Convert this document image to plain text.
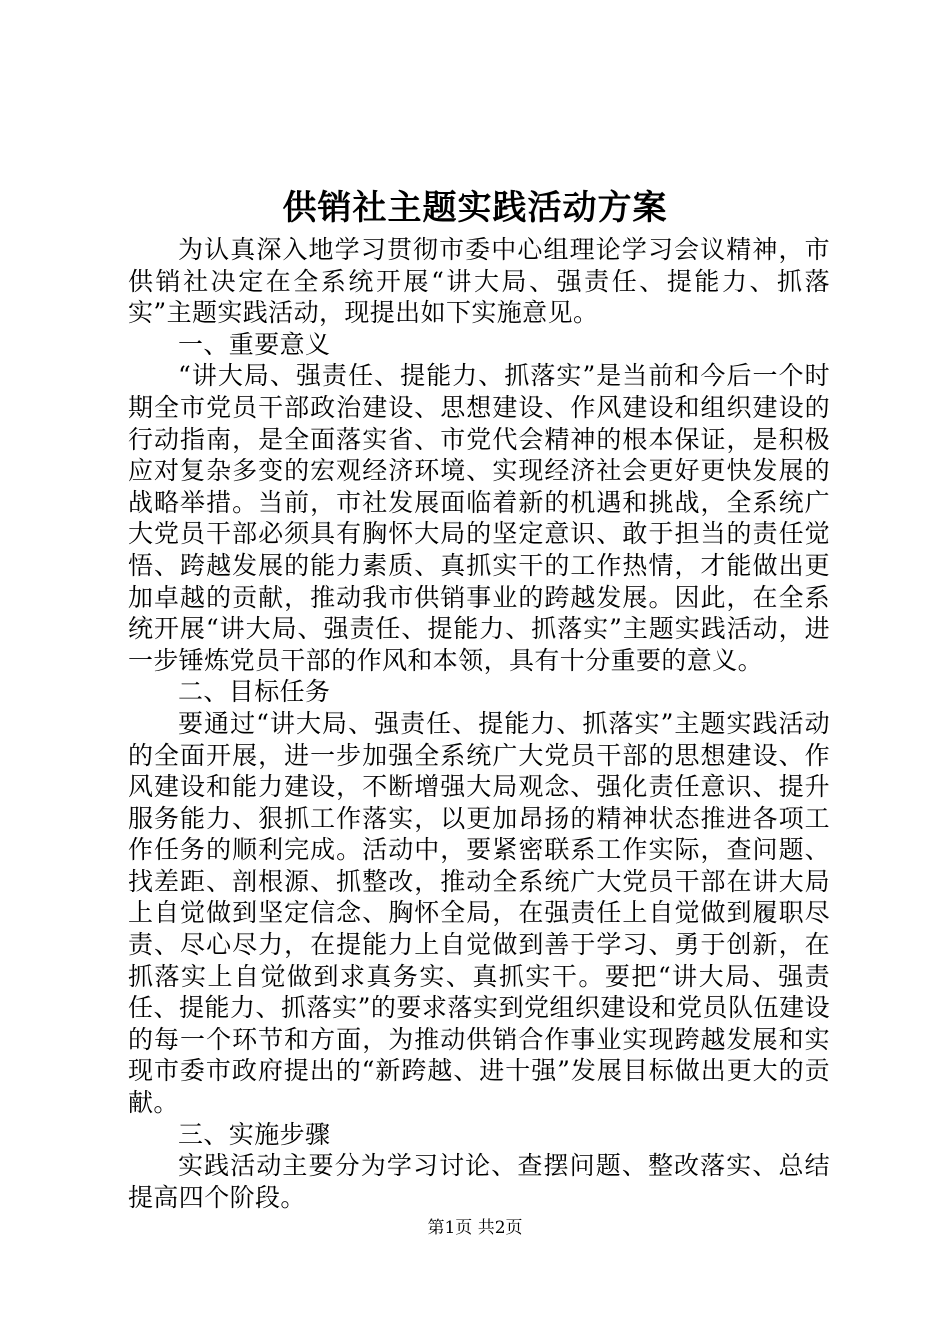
供销社主题实践活动方案

为认真深入地学习贯彻市委中心组理论学习会议精神，市供销社决定在全系统开展“讲大局、强责任、提能力、抓落实”主题实践活动，现提出如下实施意见。

一、重要意义

“讲大局、强责任、提能力、抓落实”是当前和今后一个时期全市党员干部政治建设、思想建设、作风建设和组织建设的行动指南，是全面落实省、市党代会精神的根本保证，是积极应对复杂多变的宏观经济环境、实现经济社会更好更快发展的战略举措。当前，市社发展面临着新的机遇和挑战，全系统广大党员干部必须具有胸怀大局的坚定意识、敢于担当的责任觉悟、跨越发展的能力素质、真抓实干的工作热情，才能做出更加卓越的贡献，推动我市供销事业的跨越发展。因此，在全系统开展“讲大局、强责任、提能力、抓落实”主题实践活动，进一步锤炼党员干部的作风和本领，具有十分重要的意义。

二、目标任务

要通过“讲大局、强责任、提能力、抓落实”主题实践活动的全面开展，进一步加强全系统广大党员干部的思想建设、作风建设和能力建设，不断增强大局观念、强化责任意识、提升服务能力、狠抓工作落实，以更加昂扬的精神状态推进各项工作任务的顺利完成。活动中，要紧密联系工作实际，查问题、找差距、剖根源、抓整改，推动全系统广大党员干部在讲大局上自觉做到坚定信念、胸怀全局，在强责任上自觉做到履职尽责、尽心尽力，在提能力上自觉做到善于学习、勇于创新，在抓落实上自觉做到求真务实、真抓实干。要把“讲大局、强责任、提能力、抓落实”的要求落实到党组织建设和党员队伍建设的每一个环节和方面，为推动供销合作事业实现跨越发展和实现市委市政府提出的“新跨越、进十强”发展目标做出更大的贡献。

三、实施步骤

实践活动主要分为学习讨论、查摆问题、整改落实、总结提高四个阶段。

第1页 共2页
